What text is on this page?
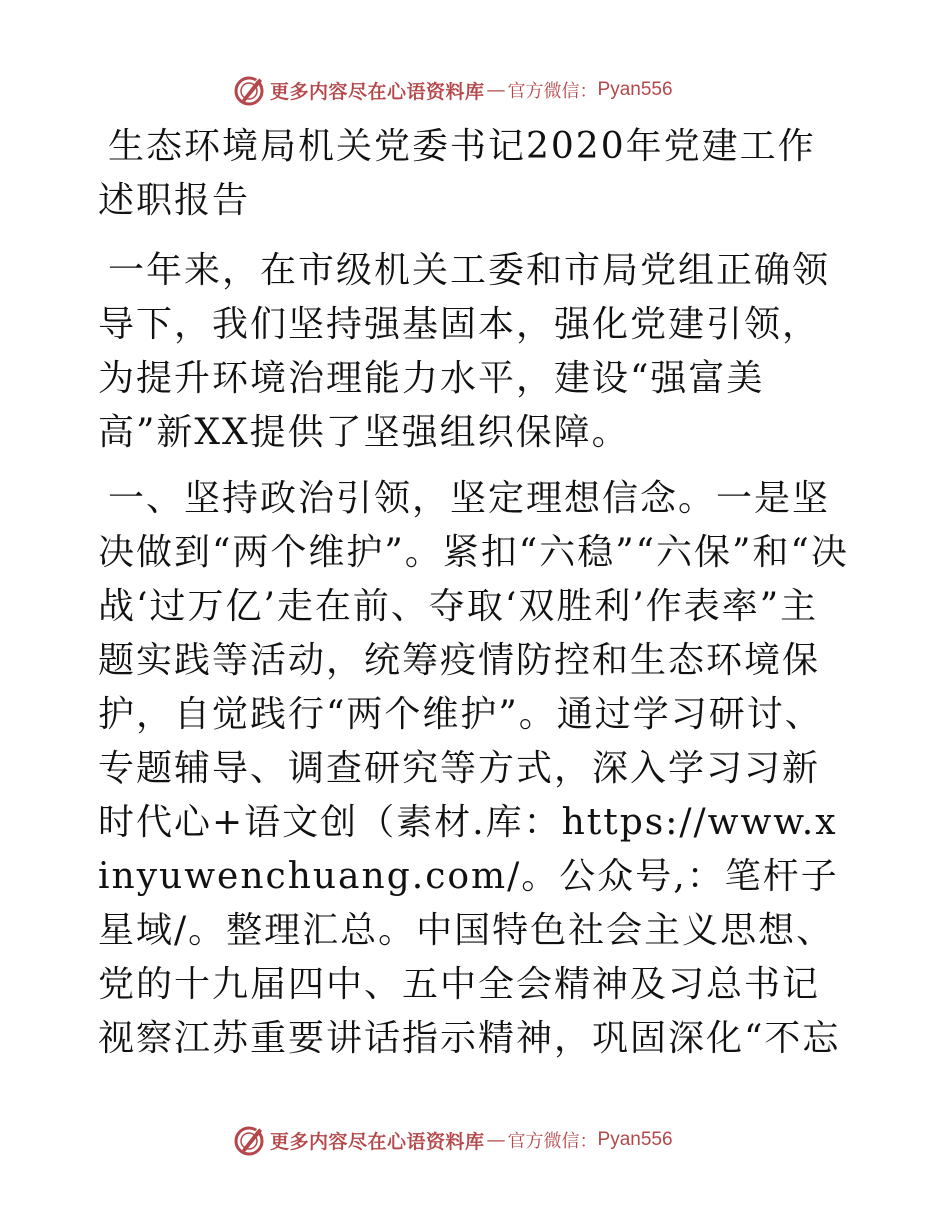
更多内容尽在心语资料库 — 官方微信： Pyan556

生态环境局机关党委书记2020年党建工作述职报告

一年来，在市级机关工委和市局党组正确领导下，我们坚持强基固本，强化党建引领，为提升环境治理能力水平，建设“强富美高”新XX提供了坚强组织保障。

一、坚持政治引领，坚定理想信念。一是坚决做到“两个维护”。紧扣“六稳”“六保”和“决战‘过万亿’走在前、夺取‘双胜利’作表率”主题实践等活动，统筹疫情防控和生态环境保护，自觉践行“两个维护”。通过学习研讨、专题辅导、调查研究等方式，深入学习习新时代心+语文创（素材.库：https://www.xinyuwenchuang.com/。公众号,：笔杆子星域/。整理汇总。中国特色社会主义思想、党的十九届四中、五中全会精神及习总书记视察江苏重要讲话指示精神，巩固深化“不忘

更多内容尽在心语资料库 — 官方微信： Pyan556
